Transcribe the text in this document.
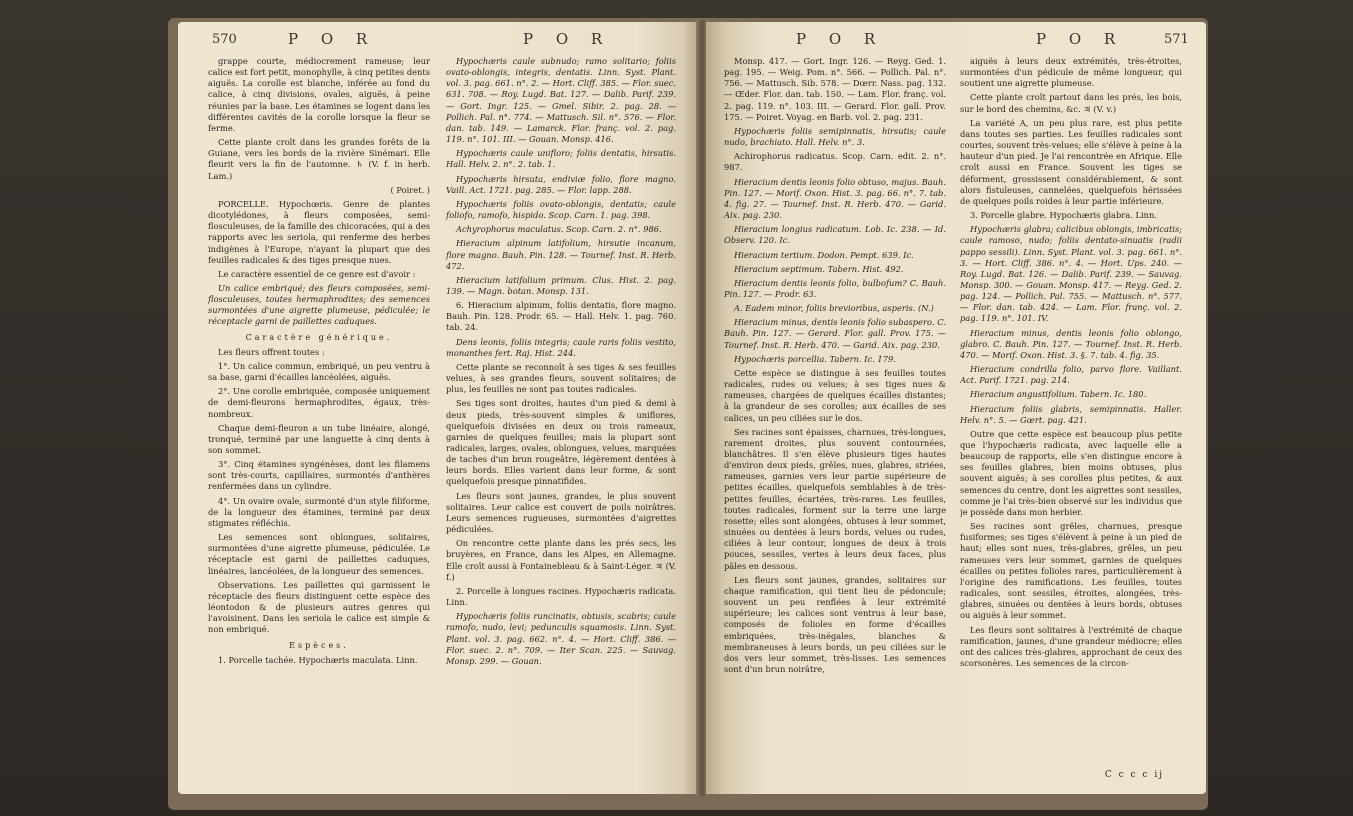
570	P O R	P O R

grappe courte, médiocrement rameuse; leur calice est fort petit, monophylle, à cinq petites dents aiguës. La corolle est blanche, inférée au fond du calice, à cinq divisions, ovales, aiguës, à peine réunies par la base. Les étamines se logent dans les différentes cavités de la corolle lorsque la fleur se ferme.

Cette plante croît dans les grandes forêts de la Guiane, vers les bords de la rivière Sinémari. Elle fleurit vers la fin de l'automne. ♄ (V. f. in herb. Lam.)

( Poiret. )

PORCELLE. Hypochœris. Genre de plantes dicotylédones, à fleurs composées, semi-flosculeuses, de la famille des chicoracées, qui a des rapports avec les seriola, qui renferme des herbes indigènes à l'Europe, n'ayant la plupart que des feuilles radicales & des tiges presque nues.

Le caractère essentiel de ce genre est d'avoir :

Un calice embriqué; des fleurs composées, semi-flosculeuses, toutes hermaphrodites; des semences surmontées d'une aigrette plumeuse, pédiculée; le réceptacle garni de paillettes caduques.

Caractère générique.

Les fleurs offrent toutes :

1°. Un calice commun, embriqué, un peu ventru à sa base, garni d'écailles lancéolées, aiguës.

2°. Une corolle embriquée, composée uniquement de demi-fleurons hermaphrodites, égaux, très-nombreux.

Chaque demi-fleuron a un tube linéaire, alongé, tronqué, terminé par une languette à cinq dents à son sommet.

3°. Cinq étamines syngénèses, dont les filamens sont très-courts, capillaires, surmontés d'anthères renfermées dans un cylindre.

4°. Un ovaire ovale, surmonté d'un style filiforme, de la longueur des étamines, terminé par deux stigmates réfléchis.

Les semences sont oblongues, solitaires, surmontées d'une aigrette plumeuse, pédiculée. Le réceptacle est garni de paillettes caduques, linéaires, lancéolées, de la longueur des semences.

Observations. Les paillettes qui garnissent le réceptacle des fleurs distinguent cette espèce des léontodon & de plusieurs autres genres qui l'avoisinent. Dans les seriola le calice est simple & non embriqué.

Espèces.

1. Porcelle tachée. Hypochæris maculata. Linn.

Hypochæris caule subnudo; ramo solitario; foliis ovato-oblongis, integris, dentatis. Linn. Syst. Plant. vol. 3. pag. 661. n°. 2. — Hort. Cliff. 385. — Flor. suec. 631. 708. — Roy. Lugd. Bat. 127. — Dalib. Parif. 239. — Gort. Ingr. 125. — Gmel. Sibir. 2. pag. 28. — Pollich. Pal. n°. 774. — Mattusch. Sil. n°. 576. — Flor. dan. tab. 149. — Lamarck. Flor. franç. vol. 2. pag. 119. n°. 101. III. — Gouan. Monsp. 416.

Hypochæris caule unifloro; foliis dentatis, hirsutis. Hall. Helv. 2. n°. 2. tab. 1.

Hypochæris hirsuta, endiviæ folio, flore magno. Vaill. Act. 1721. pag. 285. — Flor. lapp. 288.

Hypochæris foliis ovato-oblongis, dentatis; caule foliofo, ramofo, hispido. Scop. Carn. 1. pag. 398.

Achyrophorus maculatus. Scop. Carn. 2. n°. 986.

Hieracium alpinum latifolium, hirsutie incanum, flore magno. Bauh. Pin. 128. — Tournef. Inst. R. Herb. 472.

Hieracium latifolium primum. Clus. Hist. 2. pag. 139. — Magn. botan. Monsp. 131.

6. Hieracium alpinum, foliis dentatis, flore magno. Bauh. Pin. 128. Prodr. 65. — Hall. Helv. 1. pag. 760. tab. 24.

Dens leonis, foliis integris; caule raris foliis vestito, monanthes fert. Raj. Hist. 244.

Cette plante se reconnoît à ses tiges & ses feuilles velues, à ses grandes fleurs, souvent solitaires; de plus, les feuilles ne sont pas toutes radicales.

Ses tiges sont droites, hautes d'un pied & demi à deux pieds, très-souvent simples & uniflores, quelquefois divisées en deux ou trois rameaux, garnies de quelques feuilles; mais la plupart sont radicales, larges, ovales, oblongues, velues, marquées de taches d'un brun rougeâtre, légèrement dentées à leurs bords. Elles varient dans leur forme, & sont quelquefois presque pinnatifides.

Les fleurs sont jaunes, grandes, le plus souvent solitaires. Leur calice est couvert de poils noirâtres. Leurs semences rugueuses, surmontées d'aigrettes pédiculées.

On rencontre cette plante dans les prés secs, les bruyères, en France, dans les Alpes, en Allemagne. Elle croît aussi à Fontainebleau & à Saint-Léger. ♃ (V. f.)

2. Porcelle à longues racines. Hypochæris radicata. Linn.

Hypochæris foliis runcinatis, obtusis, scabris; caule ramofo, nudo, levi; pedunculis squamosis. Linn. Syst. Plant. vol. 3. pag. 662. n°. 4. — Hort. Cliff. 386. — Flor. suec. 2. n°. 709. — Iter Scan. 225. — Sauvag. Monsp. 299. — Gouan.

P O R	P O R	571

Monsp. 417. — Gort. Ingr. 126. — Reyg. Ged. 1. pag. 195. — Weig. Pom. n°. 566. — Pollich. Pal. n°. 756. — Mattusch. Sib. 578. — Dœrr. Nass. pag. 132. — Œder. Flor. dan. tab. 150. — Lam. Flor. franç. vol. 2. pag. 119. n°. 103. III. — Gerard. Flor. gall. Prov. 175. — Poiret. Voyag. en Barb. vol. 2. pag. 231.

Hypochæris foliis semipinnatis, hirsutis; caule nudo, brachiato. Hall. Helv. n°. 3.

Achirophorus radicatus. Scop. Carn. edit. 2. n°. 987.

Hieracium dentis leonis folio obtuso, majus. Bauh. Pin. 127. — Morif. Oxon. Hist. 3. pag. 66. n°. 7. tab. 4. fig. 27. — Tournef. Inst. R. Herb. 470. — Garid. Aix. pag. 230.

Hieracium longius radicatum. Lob. Ic. 238. — Id. Observ. 120. Ic.

Hieracium tertium. Dodon. Pempt. 639. Ic.

Hieracium septimum. Tabern. Hist. 492.

Hieracium dentis leonis folio, bulbofum? C. Bauh. Pin. 127. — Prodr. 63.

A. Eadem minor, foliis brevioribus, asperis. (N.)

Hieracium minus, dentis leonis folio subasperо. C. Bauh. Pin. 127. — Gerard. Flor. gall. Prov. 175. — Tournef. Inst. R. Herb. 470. — Garid. Aix. pag. 230.

Hypochæris porcellia. Tabern. Ic. 179.

Cette espèce se distingue à ses feuilles toutes radicales, rudes ou velues; à ses tiges nues & rameuses, chargées de quelques écailles distantes; à la grandeur de ses corolles; aux écailles de ses calices, un peu ciliées sur le dos.

Ses racines sont épaisses, charnues, très-longues, rarement droites, plus souvent contournées, blanchâtres. Il s'en élève plusieurs tiges hautes d'environ deux pieds, grêles, nues, glabres, striées, rameuses, garnies vers leur partie supérieure de petites écailles, quelquefois semblables à de très-petites feuilles, écartées, très-rares. Les feuilles, toutes radicales, forment sur la terre une large rosette; elles sont alongées, obtuses à leur sommet, sinuées ou dentées à leurs bords, velues ou rudes, ciliées à leur contour, longues de deux à trois pouces, sessiles, vertes à leurs deux faces, plus pâles en dessous.

Les fleurs sont jaunes, grandes, solitaires sur chaque ramification, qui tient lieu de pédoncule; souvent un peu renflées à leur extrémité supérieure; les calices sont ventrus à leur base, composés de folioles en forme d'écailles embriquées, très-inégales, blanches & membraneuses à leurs bords, un peu ciliées sur le dos vers leur sommet, très-lisses. Les semences sont d'un brun noirâtre,

aiguës à leurs deux extrémités, très-étroites, surmontées d'un pédicule de même longueur, qui soutient une aigrette plumeuse.

Cette plante croît partout dans les prés, les bois, sur le bord des chemins, &c. ♃ (V. v.)

La variété A, un peu plus rare, est plus petite dans toutes ses parties. Les feuilles radicales sont courtes, souvent très-velues; elle s'élève à peine à la hauteur d'un pied. Je l'ai rencontrée en Afrique. Elle croît aussi en France. Souvent les tiges se déforment, grossissent considérablement, & sont alors fistuleuses, cannelées, quelquefois hérissées de quelques poils roides à leur partie inférieure.

3. Porcelle glabre. Hypochæris glabra. Linn.

Hypochæris glabra; calicibus oblongis, imbricatis; caule ramoso, nudo; foliis dentato-sinuatis (radii pappo sessili). Linn. Syst. Plant. vol. 3. pag. 661. n°. 3. — Hort. Cliff. 386. n°. 4. — Hort. Ups. 240. — Roy. Lugd. Bat. 126. — Dalib. Parif. 239. — Sauvag. Monsp. 300. — Gouan. Monsp. 417. — Reyg. Ged. 2. pag. 124. — Pollich. Pal. 755. — Mattusch. n°. 577. — Flor. dan. tab. 424. — Lam. Flor. franç. vol. 2. pag. 119. n°. 101. IV.

Hieracium minus, dentis leonis folio oblongo, glabro. C. Bauh. Pin. 127. — Tournef. Inst. R. Herb. 470. — Morif. Oxon. Hist. 3. §. 7. tab. 4. fig. 35.

Hieracium condrilla folio, parvo flore. Vaillant. Act. Parif. 1721. pag. 214.

Hieracium angustifolium. Tabern. Ic. 180.

Hieracium foliis glabris, semipinnatis. Haller. Helv. n°. 5. — Gœrt. pag. 421.

Outre que cette espèce est beaucoup plus petite que l'hypochæris radicata, avec laquelle elle a beaucoup de rapports, elle s'en distingue encore à ses feuilles glabres, bien moins obtuses, plus souvent aiguës; à ses corolles plus petites, & aux semences du centre, dont les aigrettes sont sessiles, comme je l'ai très-bien observé sur les individus que je possède dans mon herbier.

Ses racines sont grêles, charnues, presque fusiformes; ses tiges s'élèvent à peine à un pied de haut; elles sont nues, très-glabres, grêles, un peu rameuses vers leur sommet, garnies de quelques écailles ou petites folioles rares, particulièrement à l'origine des ramifications. Les feuilles, toutes radicales, sont sessiles, étroites, alongées, très-glabres, sinuées ou dentées à leurs bords, obtuses ou aiguës à leur sommet.

Les fleurs sont solitaires à l'extrémité de chaque ramification, jaunes, d'une grandeur médiocre; elles ont des calices très-glabres, approchant de ceux des scorsonères. Les semences de la circon-

C c c c ij
